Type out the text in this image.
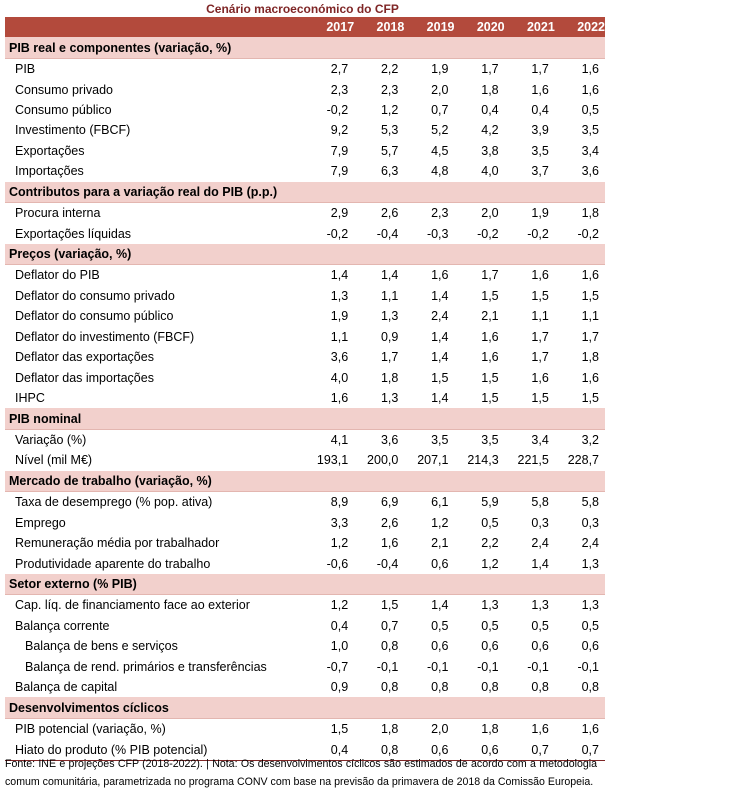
Cenário macroeconómico do CFP
	2017	2018	2019	2020	2021	2022
PIB real e componentes (variação, %)						
PIB	2,7	2,2	1,9	1,7	1,7	1,6
Consumo privado	2,3	2,3	2,0	1,8	1,6	1,6
Consumo público	-0,2	1,2	0,7	0,4	0,4	0,5
Investimento (FBCF)	9,2	5,3	5,2	4,2	3,9	3,5
Exportações	7,9	5,7	4,5	3,8	3,5	3,4
Importações	7,9	6,3	4,8	4,0	3,7	3,6
Contributos para a variação real do PIB (p.p.)						
Procura interna	2,9	2,6	2,3	2,0	1,9	1,8
Exportações líquidas	-0,2	-0,4	-0,3	-0,2	-0,2	-0,2
Preços (variação, %)						
Deflator do PIB	1,4	1,4	1,6	1,7	1,6	1,6
Deflator do consumo privado	1,3	1,1	1,4	1,5	1,5	1,5
Deflator do consumo público	1,9	1,3	2,4	2,1	1,1	1,1
Deflator do investimento (FBCF)	1,1	0,9	1,4	1,6	1,7	1,7
Deflator das exportações	3,6	1,7	1,4	1,6	1,7	1,8
Deflator das importações	4,0	1,8	1,5	1,5	1,6	1,6
IHPC	1,6	1,3	1,4	1,5	1,5	1,5
PIB nominal						
Variação (%)	4,1	3,6	3,5	3,5	3,4	3,2
Nível (mil M€)	193,1	200,0	207,1	214,3	221,5	228,7
Mercado de trabalho (variação, %)						
Taxa de desemprego (% pop. ativa)	8,9	6,9	6,1	5,9	5,8	5,8
Emprego	3,3	2,6	1,2	0,5	0,3	0,3
Remuneração média por trabalhador	1,2	1,6	2,1	2,2	2,4	2,4
Produtividade aparente do trabalho	-0,6	-0,4	0,6	1,2	1,4	1,3
Setor externo (% PIB)						
Cap. líq. de financiamento face ao exterior	1,2	1,5	1,4	1,3	1,3	1,3
Balança corrente	0,4	0,7	0,5	0,5	0,5	0,5
Balança de bens e serviços	1,0	0,8	0,6	0,6	0,6	0,6
Balança de rend. primários e transferências	-0,7	-0,1	-0,1	-0,1	-0,1	-0,1
Balança de capital	0,9	0,8	0,8	0,8	0,8	0,8
Desenvolvimentos cíclicos						
PIB potencial (variação, %)	1,5	1,8	2,0	1,8	1,6	1,6
Hiato do produto (% PIB potencial)	0,4	0,8	0,6	0,6	0,7	0,7
Fonte: INE e projeções CFP (2018-2022). | Nota: Os desenvolvimentos cíclicos são estimados de acordo com a metodologia comum comunitária, parametrizada no programa CONV com base na previsão da primavera de 2018 da Comissão Europeia.
